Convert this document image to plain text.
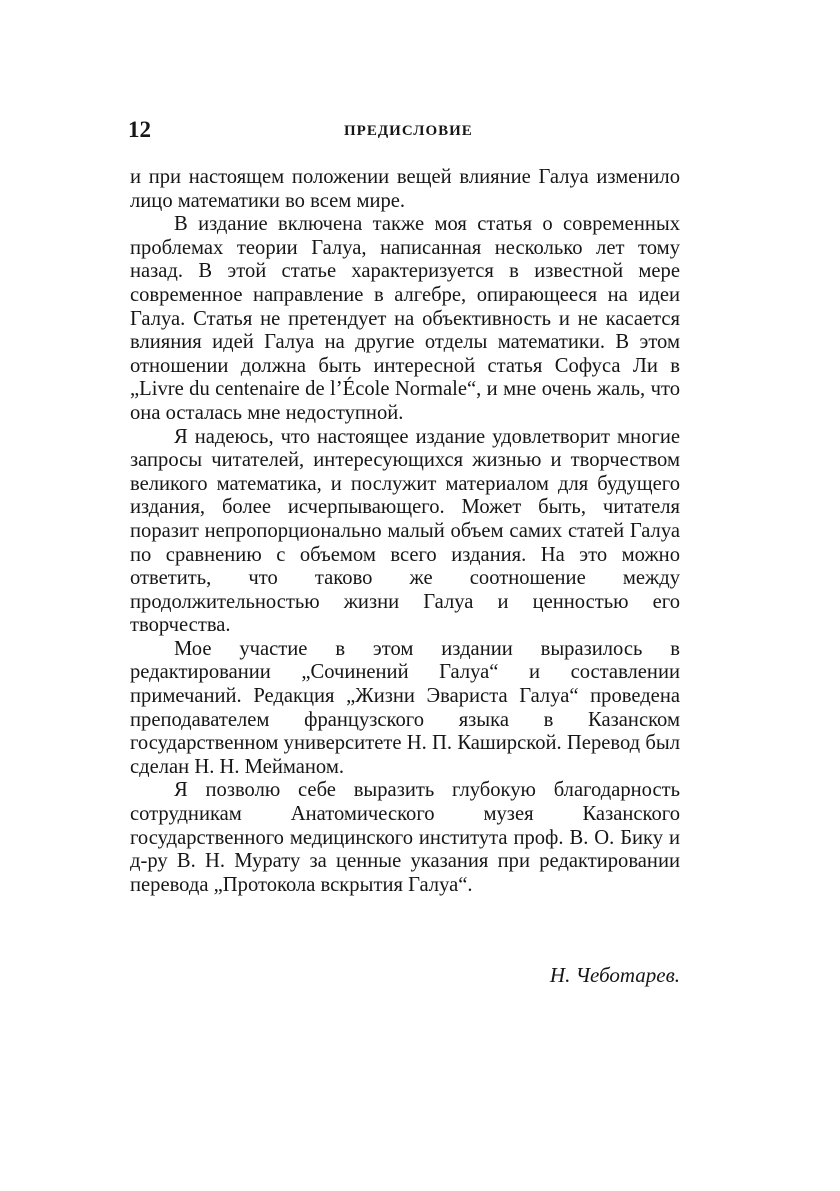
12	ПРЕДИСЛОВИЕ

и при настоящем положении вещей влияние Галуа изменило лицо математики во всем мире.

В издание включена также моя статья о современных проблемах теории Галуа, написанная несколько лет тому назад. В этой статье характеризуется в известной мере современное направление в алгебре, опирающееся на идеи Галуа. Статья не претендует на объективность и не касается влияния идей Галуа на другие отделы математики. В этом отношении должна быть интересной статья Софуса Ли в „Livre du centenaire de l’École Normale“, и мне очень жаль, что она осталась мне недоступной.

Я надеюсь, что настоящее издание удовлетворит многие запросы читателей, интересующихся жизнью и творчеством великого математика, и послужит материалом для будущего издания, более исчерпывающего. Может быть, читателя поразит непропорционально малый объем самих статей Галуа по сравнению с объемом всего издания. На это можно ответить, что таково же соотношение между продолжительностью жизни Галуа и ценностью его творчества.

Мое участие в этом издании выразилось в редактировании „Сочинений Галуа“ и составлении примечаний. Редакция „Жизни Эвариста Галуа“ проведена преподавателем французского языка в Казанском государственном университете Н. П. Каширской. Перевод был сделан Н. Н. Мейманом.

Я позволю себе выразить глубокую благодарность сотрудникам Анатомического музея Казанского государственного медицинского института проф. В. О. Бику и д-ру В. Н. Мурату за ценные указания при редактировании перевода „Протокола вскрытия Галуа“.

Н. Чеботарев.
